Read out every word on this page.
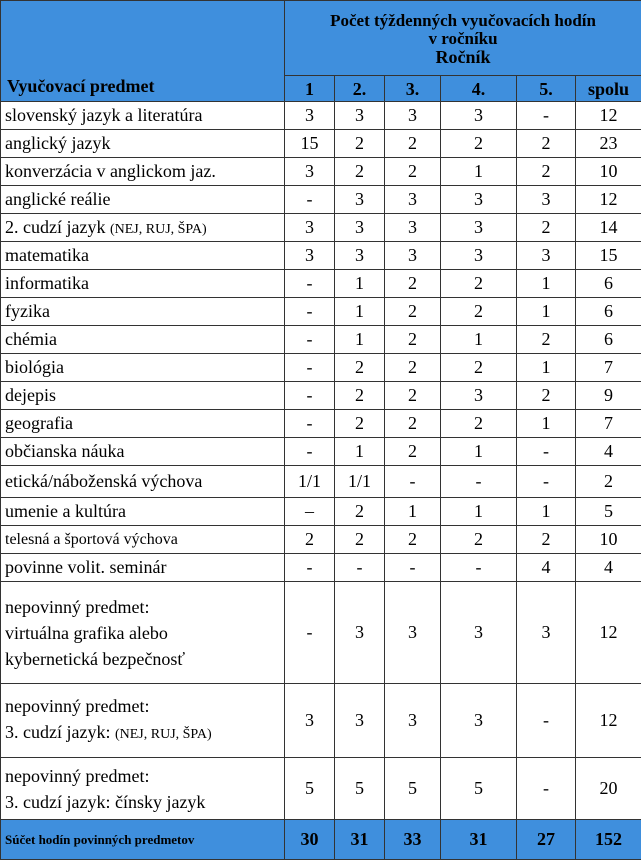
Vyučovací predmet	Počet týždenných vyučovacích hodín
v ročníku
Ročník					

	1	2.	3.	4.	5.	spolu
slovenský jazyk a literatúra	3	3	3	3	-	12
anglický jazyk	15	2	2	2	2	23
konverzácia v anglickom jaz.	3	2	2	1	2	10
anglické reálie	-	3	3	3	3	12
2. cudzí jazyk (NEJ, RUJ, ŠPA)	3	3	3	3	2	14
matematika	3	3	3	3	3	15
informatika	-	1	2	2	1	6
fyzika	-	1	2	2	1	6
chémia	-	1	2	1	2	6
biológia	-	2	2	2	1	7
dejepis	-	2	2	3	2	9
geografia	-	2	2	2	1	7
občianska náuka	-	1	2	1	-	4
etická/náboženská výchova	1/1	1/1	-	-	-	2
umenie a kultúra	–	2	1	1	1	5
telesná a športová výchova	2	2	2	2	2	10
povinne volit. seminár	-	-	-	-	4	4

nepovinný predmet:
virtuálna grafika alebo
kybernetická bezpečnosť	-	3	3	3	3	12

nepovinný predmet:
3. cudzí jazyk: (NEJ, RUJ, ŠPA)	3	3	3	3	-	12

nepovinný predmet:
3. cudzí jazyk: čínsky jazyk	5	5	5	5	-	20
Súčet hodín povinných predmetov	30	31	33	31	27	152
